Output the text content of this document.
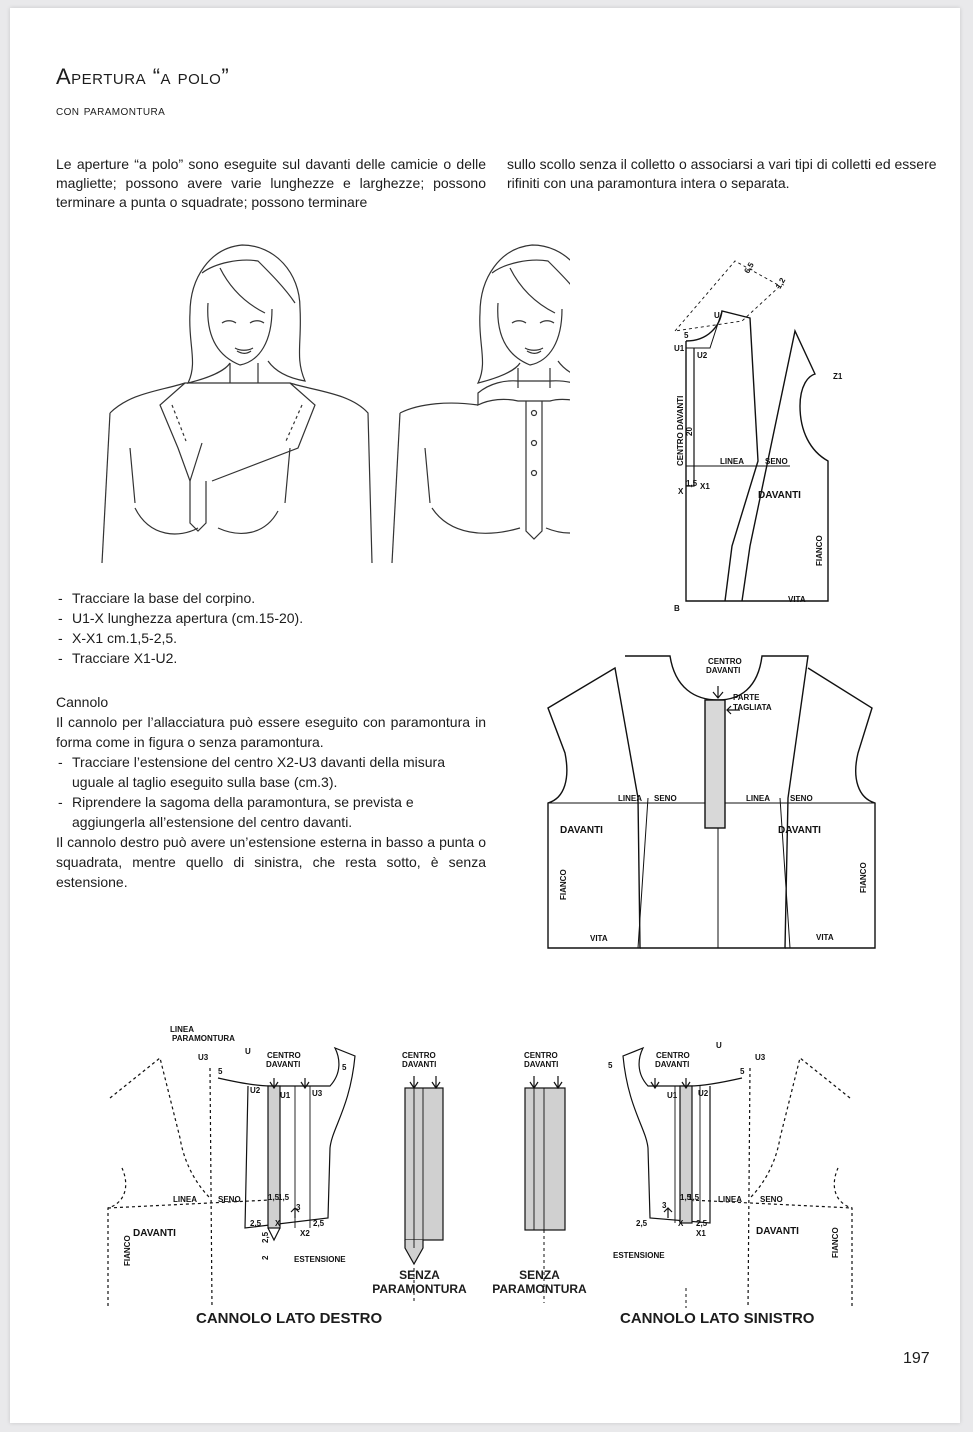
Apertura “a polo”
con paramontura
Le aperture “a polo” sono eseguite sul davanti delle camicie o delle magliette; possono avere varie lunghezze e larghezze; possono terminare a punta o squadrate; possono terminare
sullo scollo senza il colletto o associarsi a vari tipi di colletti ed essere rifiniti con una paramontura intera o separata.
6,5
1,2
U
5
U1
U2
CENTRO DAVANTI 20
Z1
LINEA	SENO
X
1,5 X1
DAVANTI
FIANCO
B
VITA
CENTRO
DAVANTI
PARTE
TAGLIATA
LINEA SENO	LINEA	SENO
DAVANTI	DAVANTI
FIANCO	FIANCO
VITA	VITA
- Tracciare la base del corpino.
- U1-X lunghezza apertura (cm.15-20).
- X-X1 cm.1,5-2,5.
- Tracciare X1-U2.

Cannolo

Il cannolo per l’allacciatura può essere eseguito con paramontura in forma come in figura o senza paramontura.

- Tracciare l’estensione del centro X2-U3 davanti della misura uguale al taglio eseguito sulla base (cm.3).
- Riprendere la sagoma della paramontura, se prevista e aggiungerla all’estensione del centro davanti.

Il cannolo destro può avere un’estensione esterna in basso a punta o squadrata, mentre quello di sinistra, che resta sotto, è senza estensione.

LINEA
PARAMONTURA
U3
U
5
CENTRO
DAVANTI
U2
U1	U3
5
LINEA	SENO	1,5
1,5
3
2,5 X	2,5
X2
2,5
2	ESTENSIONE
DAVANTI
FIANCO
CENTRO
DAVANTI
CENTRO
DAVANTI
U
U3
5
CENTRO
DAVANTI
5
U1	U2
LINEA SENO
1,5
1,5
3
2,5	X 2,5
X1
ESTENSIONE
DAVANTI	FIANCO
SENZA
PARAMONTURA
SENZA
PARAMONTURA
CANNOLO LATO DESTRO	CANNOLO LATO SINISTRO
197
